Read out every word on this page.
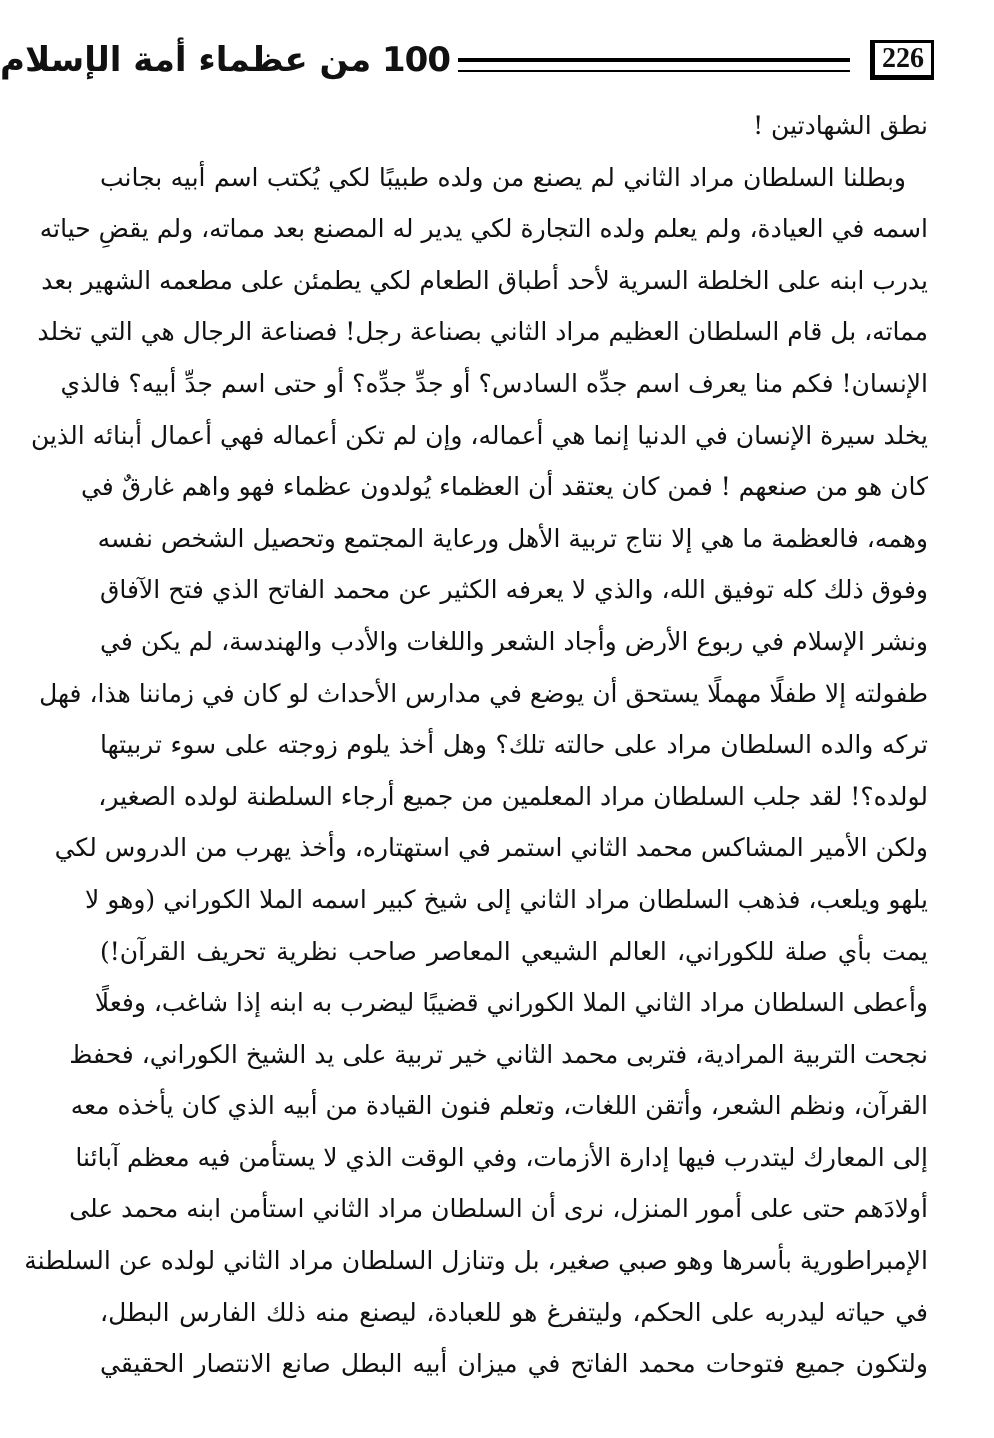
226
100

من عظماء أمة الإسلام
نطق الشهادتين !
وبطلنا السلطان مراد الثاني لم يصنع من ولده طبيبًا لكي يُكتب اسم أبيه بجانب
اسمه في العيادة، ولم يعلم ولده التجارة لكي يدير له المصنع بعد مماته، ولم يقضِ حياته
يدرب ابنه على الخلطة السرية لأحد أطباق الطعام لكي يطمئن على مطعمه الشهير بعد
مماته، بل قام السلطان العظيم مراد الثاني بصناعة رجل! فصناعة الرجال هي التي تخلد
الإنسان! فكم منا يعرف اسم جدِّه السادس؟ أو جدِّ جدِّه؟ أو حتى اسم جدِّ أبيه؟ فالذي
يخلد سيرة الإنسان في الدنيا إنما هي أعماله، وإن لم تكن أعماله فهي أعمال أبنائه الذين
كان هو من صنعهم ! فمن كان يعتقد أن العظماء يُولدون عظماء فهو واهم غارقٌ في
وهمه، فالعظمة ما هي إلا نتاج تربية الأهل ورعاية المجتمع وتحصيل الشخص نفسه
وفوق ذلك كله توفيق الله، والذي لا يعرفه الكثير عن محمد الفاتح الذي فتح الآفاق
ونشر الإسلام في ربوع الأرض وأجاد الشعر واللغات والأدب والهندسة، لم يكن في
طفولته إلا طفلًا مهملًا يستحق أن يوضع في مدارس الأحداث لو كان في زماننا هذا، فهل
تركه والده السلطان مراد على حالته تلك؟ وهل أخذ يلوم زوجته على سوء تربيتها
لولده؟! لقد جلب السلطان مراد المعلمين من جميع أرجاء السلطنة لولده الصغير،
ولكن الأمير المشاكس محمد الثاني استمر في استهتاره، وأخذ يهرب من الدروس لكي
يلهو ويلعب، فذهب السلطان مراد الثاني إلى شيخ كبير اسمه الملا الكوراني (وهو لا
يمت بأي صلة للكوراني، العالم الشيعي المعاصر صاحب نظرية تحريف القرآن!)
وأعطى السلطان مراد الثاني الملا الكوراني قضيبًا ليضرب به ابنه إذا شاغب، وفعلًا
نجحت التربية المرادية، فتربى محمد الثاني خير تربية على يد الشيخ الكوراني، فحفظ
القرآن، ونظم الشعر، وأتقن اللغات، وتعلم فنون القيادة من أبيه الذي كان يأخذه معه
إلى المعارك ليتدرب فيها إدارة الأزمات، وفي الوقت الذي لا يستأمن فيه معظم آبائنا
أولادَهم حتى على أمور المنزل، نرى أن السلطان مراد الثاني استأمن ابنه محمد على
الإمبراطورية بأسرها وهو صبي صغير، بل وتنازل السلطان مراد الثاني لولده عن السلطنة
في حياته ليدربه على الحكم، وليتفرغ هو للعبادة، ليصنع منه ذلك الفارس البطل،
ولتكون جميع فتوحات محمد الفاتح في ميزان أبيه البطل صانع الانتصار الحقيقي
